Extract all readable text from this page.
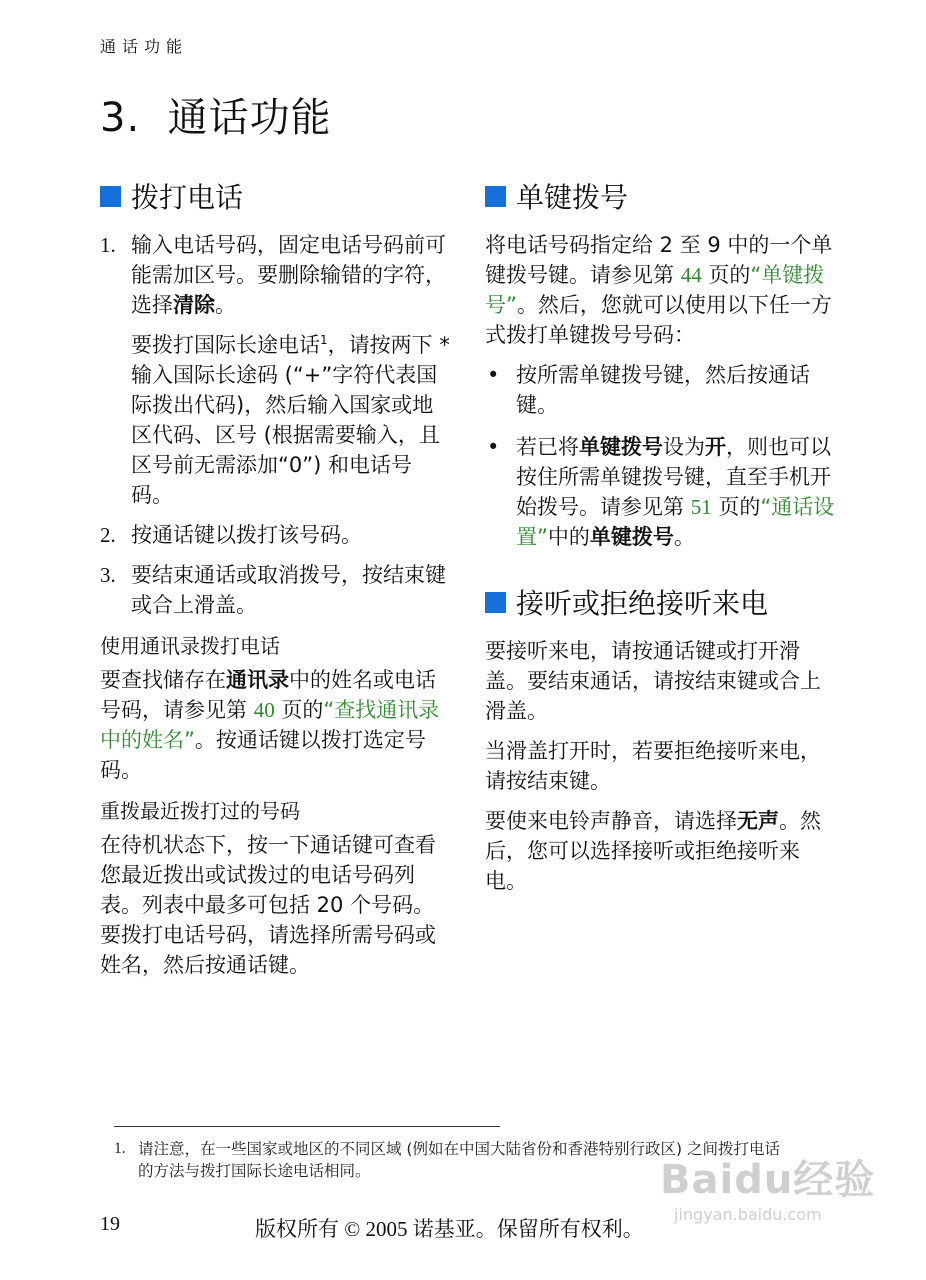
通话功能
3. 通话功能
拨打电话
1. 输入电话号码，固定电话号码前可能需加区号。要删除输错的字符，选择清除。

要拨打国际长途电话$^1$，请按两下 * 输入国际长途码 (“+”字符代表国际拨出代码)，然后输入国家或地区代码、区号 (根据需要输入，且区号前无需添加“0”) 和电话号码。

2. 按通话键以拨打该号码。
3. 要结束通话或取消拨号，按结束键或合上滑盖。
使用通讯录拨打电话

要查找储存在通讯录中的姓名或电话号码，请参见第 40 页的“查找通讯录中的姓名”。按通话键以拨打选定号码。

重拨最近拨打过的号码

在待机状态下，按一下通话键可查看您最近拨出或试拨过的电话号码列表。列表中最多可包括 20 个号码。要拨打电话号码，请选择所需号码或姓名，然后按通话键。

单键拨号

将电话号码指定给 2 至 9 中的一个单键拨号键。请参见第 44 页的“单键拨号”。然后，您就可以使用以下任一方式拨打单键拨号号码：

• 按所需单键拨号键，然后按通话键。
• 若已将单键拨号设为开，则也可以按住所需单键拨号键，直至手机开始拨号。请参见第 51 页的“通话设置”中的单键拨号。
接听或拒绝接听来电

要接听来电，请按通话键或打开滑盖。要结束通话，请按结束键或合上滑盖。

当滑盖打开时，若要拒绝接听来电，请按结束键。

要使来电铃声静音，请选择无声。然后，您可以选择接听或拒绝接听来电。

1. 请注意，在一些国家或地区的不同区域 (例如在中国大陆省份和香港特别行政区) 之间拨打电话的方法与拨打国际长途电话相同。	Baidu经验
jingyan.baidu.com
19	版权所有 © 2005 诺基亚。保留所有权利。
